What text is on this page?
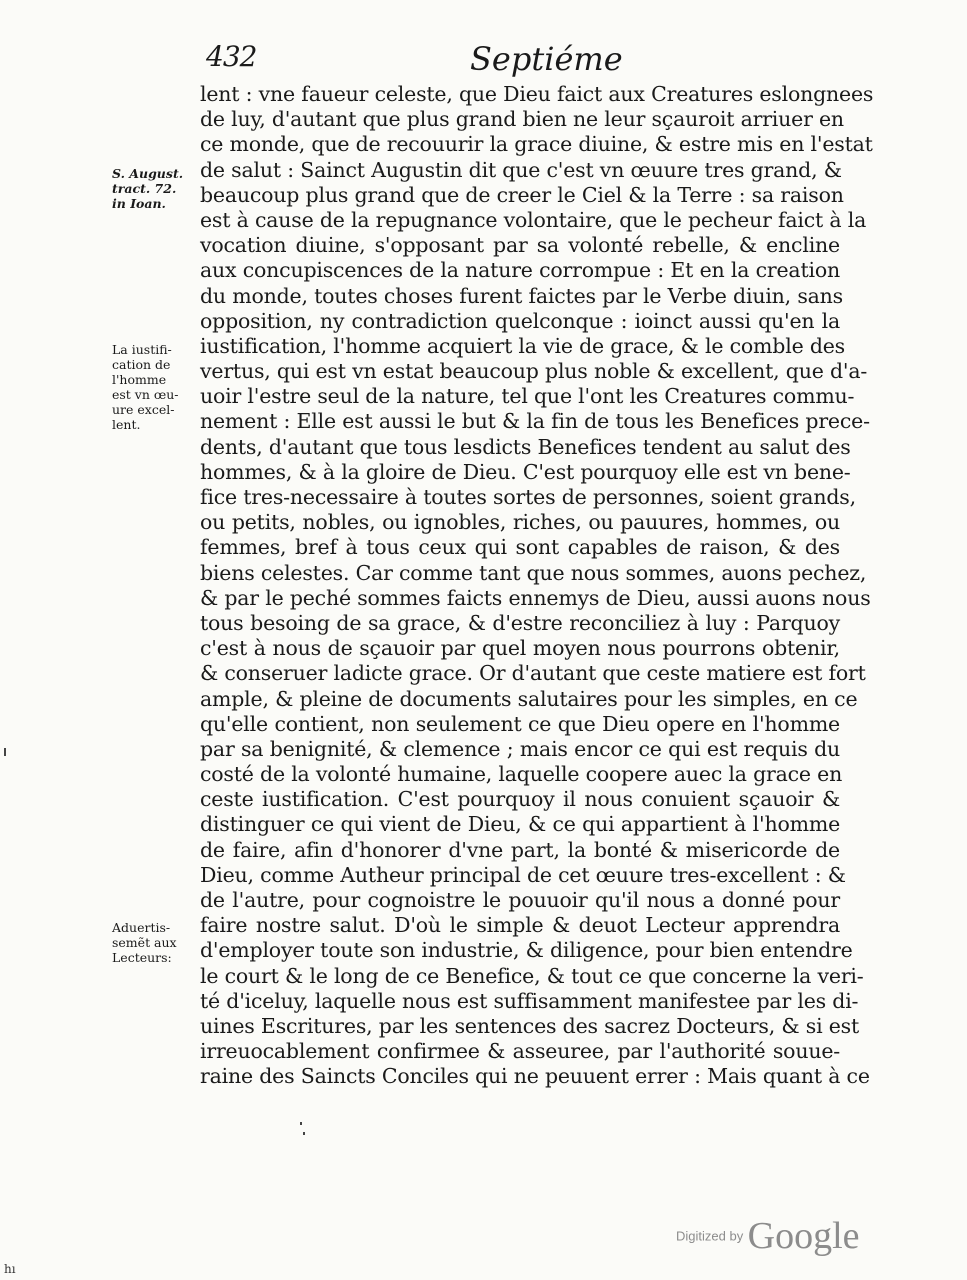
432	Septiéme
S. August.
tract. 72.
in Ioan.
La iustifi-
cation de
l'homme
est vn œu-
ure excel-
lent.
Aduertis-
semẽt aux
Lecteurs:
lent : vne faueur celeste, que Dieu faict aux Creatures eslongnees
de luy, d'autant que plus grand bien ne leur sçauroit arriuer en
ce monde, que de recouurir la grace diuine, & estre mis en l'estat
de salut : Sainct Augustin dit que c'est vn œuure tres grand, &
beaucoup plus grand que de creer le Ciel & la Terre : sa raison
est à cause de la repugnance volontaire, que le pecheur faict à la
vocation diuine, s'opposant par sa volonté rebelle, & encline
aux concupiscences de la nature corrompue : Et en la creation
du monde, toutes choses furent faictes par le Verbe diuin, sans
opposition, ny contradiction quelconque : ioinct aussi qu'en la
iustification, l'homme acquiert la vie de grace, & le comble des
vertus, qui est vn estat beaucoup plus noble & excellent, que d'a-
uoir l'estre seul de la nature, tel que l'ont les Creatures commu-
nement : Elle est aussi le but & la fin de tous les Benefices prece-
dents, d'autant que tous lesdicts Benefices tendent au salut des
hommes, & à la gloire de Dieu. C'est pourquoy elle est vn bene-
fice tres-necessaire à toutes sortes de personnes, soient grands,
ou petits, nobles, ou ignobles, riches, ou pauures, hommes, ou
femmes, bref à tous ceux qui sont capables de raison, & des
biens celestes. Car comme tant que nous sommes, auons pechez,
& par le peché sommes faicts ennemys de Dieu, aussi auons nous
tous besoing de sa grace, & d'estre reconciliez à luy : Parquoy
c'est à nous de sçauoir par quel moyen nous pourrons obtenir,
& conseruer ladicte grace. Or d'autant que ceste matiere est fort
ample, & pleine de documents salutaires pour les simples, en ce
qu'elle contient, non seulement ce que Dieu opere en l'homme
par sa benignité, & clemence ; mais encor ce qui est requis du
costé de la volonté humaine, laquelle coopere auec la grace en
ceste iustification. C'est pourquoy il nous conuient sçauoir &
distinguer ce qui vient de Dieu, & ce qui appartient à l'homme
de faire, afin d'honorer d'vne part, la bonté & misericorde de
Dieu, comme Autheur principal de cet œuure tres-excellent : &
de l'autre, pour cognoistre le pouuoir qu'il nous a donné pour
faire nostre salut. D'où le simple & deuot Lecteur apprendra
d'employer toute son industrie, & diligence, pour bien entendre
le court & le long de ce Benefice, & tout ce que concerne la veri-
té d'iceluy, laquelle nous est suffisamment manifestee par les di-
uines Escritures, par les sentences des sacrez Docteurs, & si est
irreuocablement confirmee & asseuree, par l'authorité souue-
raine des Saincts Conciles qui ne peuuent errer : Mais quant à ce
Digitized by Google
hı
